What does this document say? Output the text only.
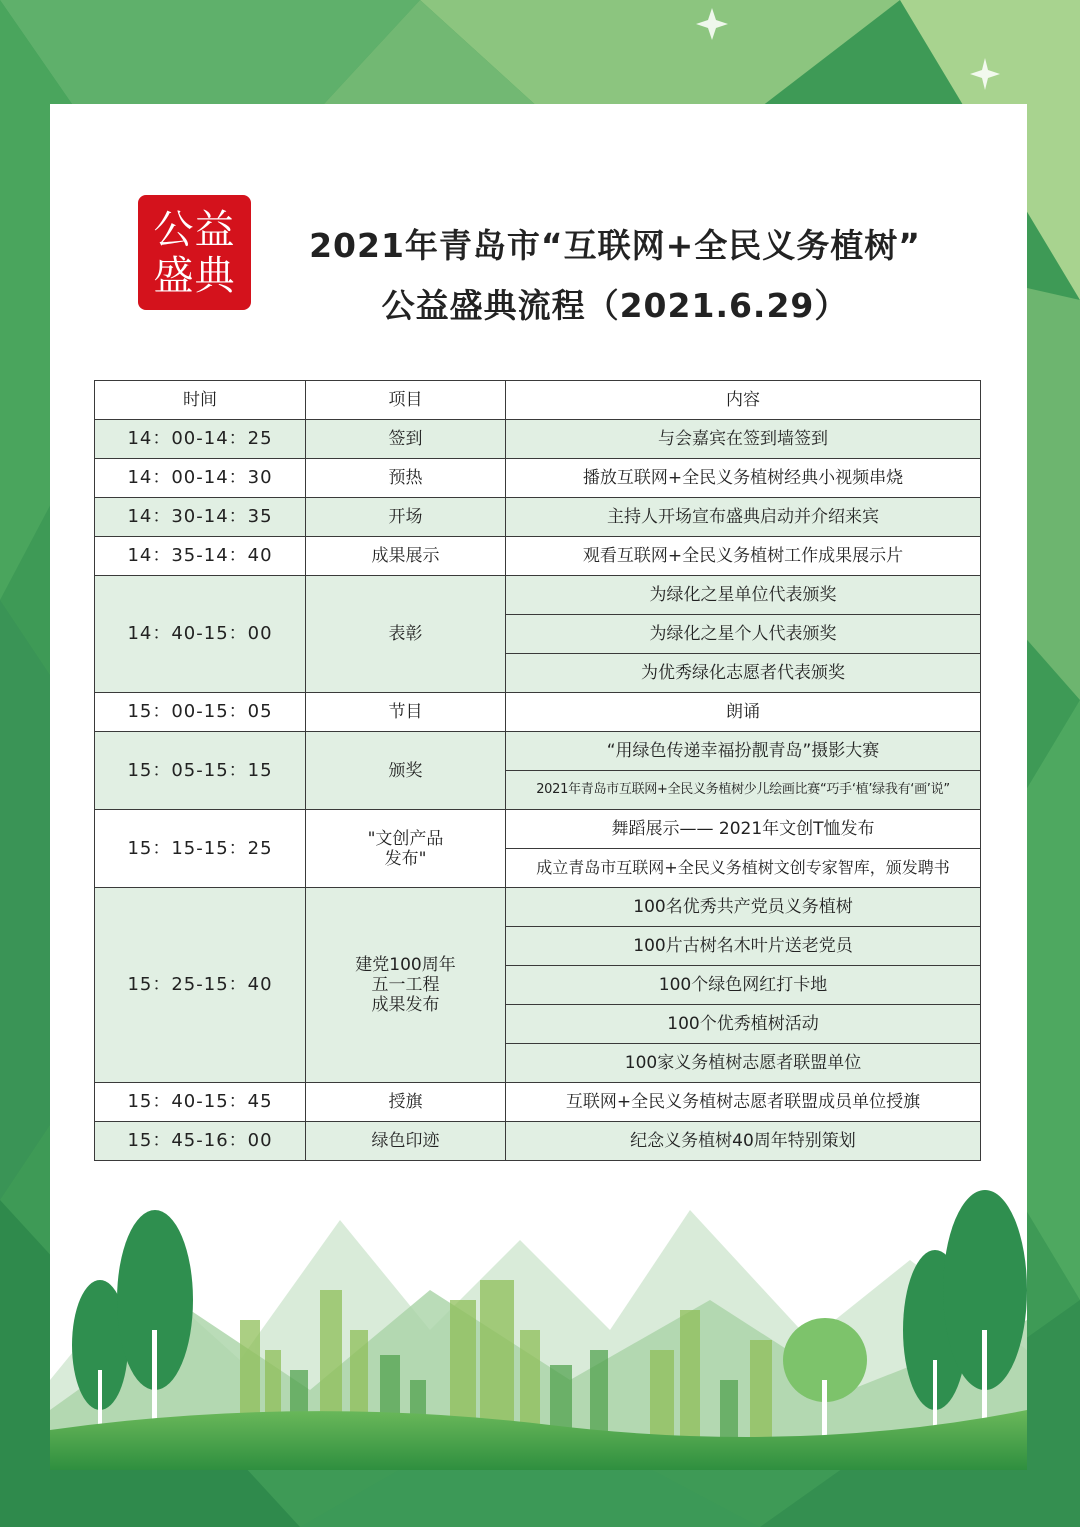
公益
盛典
2021年青岛市“互联网+全民义务植树”
公益盛典流程（2021.6.29）
时间	项目	内容
14：00-14：25	签到	与会嘉宾在签到墙签到
14：00-14：30	预热	播放互联网+全民义务植树经典小视频串烧
14：30-14：35	开场	主持人开场宣布盛典启动并介绍来宾
14：35-14：40	成果展示	观看互联网+全民义务植树工作成果展示片
14：40-15：00	表彰	为绿化之星单位代表颁奖
		为绿化之星个人代表颁奖
		为优秀绿化志愿者代表颁奖
15：00-15：05	节目	朗诵
15：05-15：15	颁奖	“用绿色传递幸福扮靓青岛”摄影大赛
		2021年青岛市互联网+全民义务植树少儿绘画比赛“巧手‘植’绿我有‘画’说”
15：15-15：25	"文创产品
发布"	舞蹈展示—— 2021年文创T恤发布
		成立青岛市互联网+全民义务植树文创专家智库，颁发聘书
15：25-15：40	建党100周年
五一工程
成果发布	100名优秀共产党员义务植树
		100片古树名木叶片送老党员
		100个绿色网红打卡地
		100个优秀植树活动
		100家义务植树志愿者联盟单位
15：40-15：45	授旗	互联网+全民义务植树志愿者联盟成员单位授旗
15：45-16：00	绿色印迹	纪念义务植树40周年特别策划
